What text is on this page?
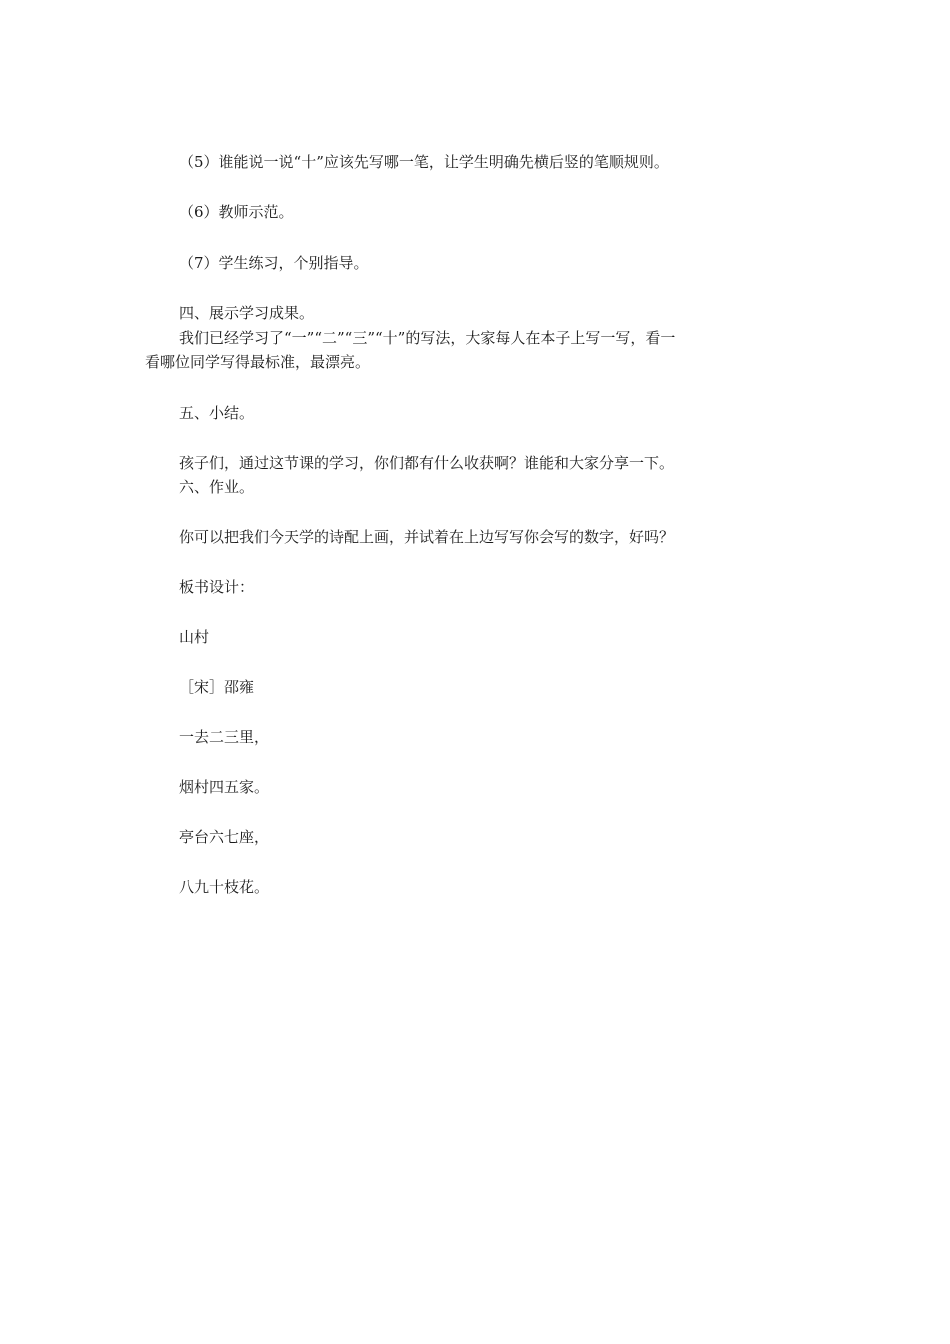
（5）谁能说一说“十”应该先写哪一笔，让学生明确先横后竖的笔顺规则。
（6）教师示范。
（7）学生练习，个别指导。
四、展示学习成果。
我们已经学习了“一”“二”“三”“十”的写法，大家每人在本子上写一写，看一
看哪位同学写得最标准，最漂亮。
五、小结。
孩子们，通过这节课的学习，你们都有什么收获啊？谁能和大家分享一下。
六、作业。
你可以把我们今天学的诗配上画，并试着在上边写写你会写的数字，好吗？
板书设计：
山村
［宋］邵雍
一去二三里，
烟村四五家。
亭台六七座，
八九十枝花。
